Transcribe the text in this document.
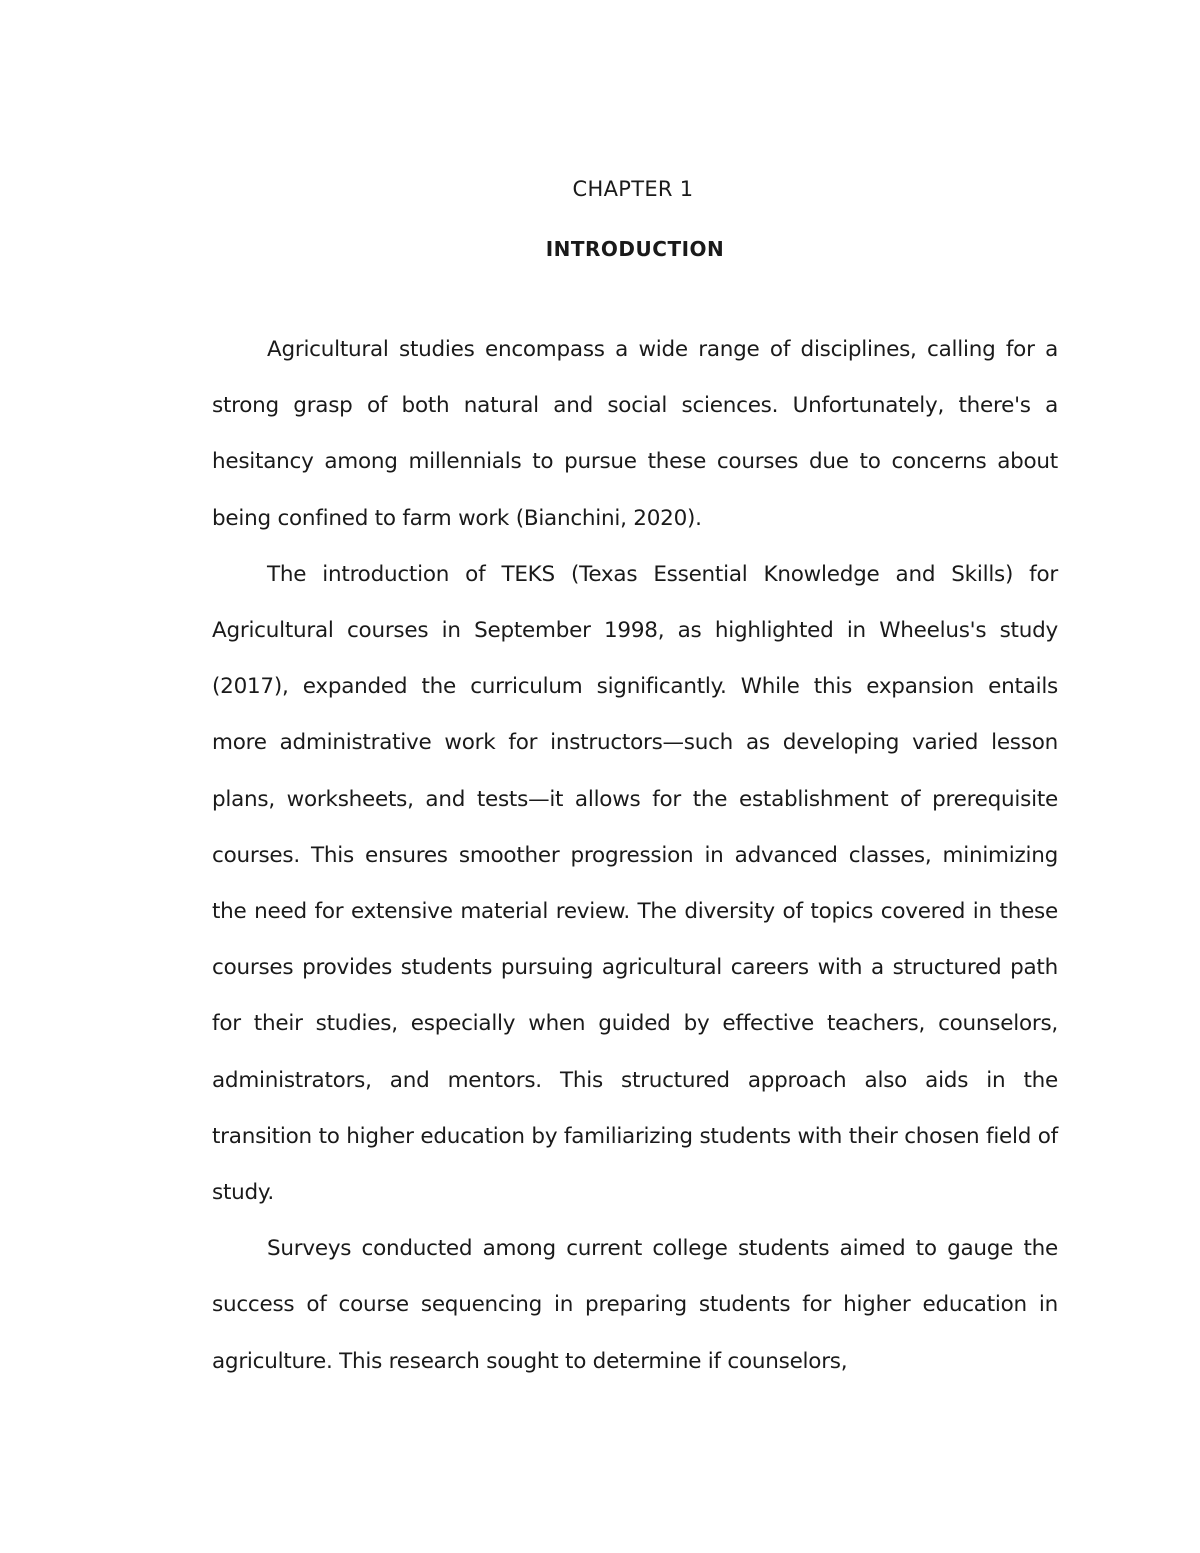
CHAPTER 1
INTRODUCTION

Agricultural studies encompass a wide range of disciplines, calling for a strong grasp of both natural and social sciences. Unfortunately, there's a hesitancy among millennials to pursue these courses due to concerns about being confined to farm work (Bianchini, 2020).

The introduction of TEKS (Texas Essential Knowledge and Skills) for Agricultural courses in September 1998, as highlighted in Wheelus's study (2017), expanded the curriculum significantly. While this expansion entails more administrative work for instructors—such as developing varied lesson plans, worksheets, and tests—it allows for the establishment of prerequisite courses. This ensures smoother progression in advanced classes, minimizing the need for extensive material review. The diversity of topics covered in these courses provides students pursuing agricultural careers with a structured path for their studies, especially when guided by effective teachers, counselors, administrators, and mentors. This structured approach also aids in the transition to higher education by familiarizing students with their chosen field of study.

Surveys conducted among current college students aimed to gauge the success of course sequencing in preparing students for higher education in agriculture. This research sought to determine if counselors,
